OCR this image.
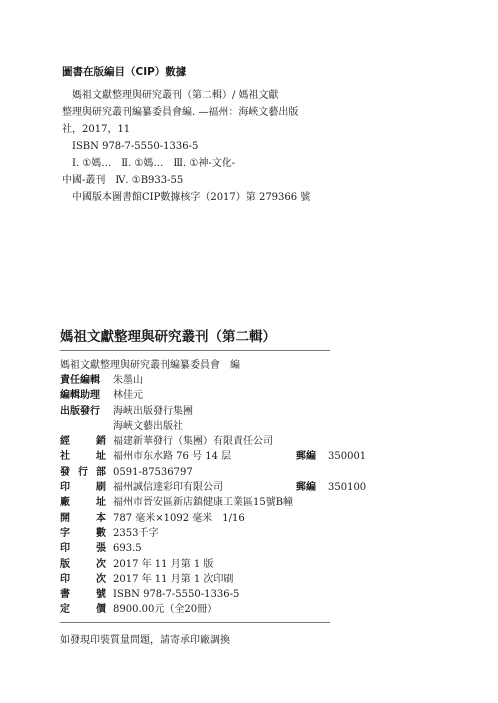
圖書在版編目（CIP）數據
媽祖文獻整理與研究叢刊（第二輯）/ 媽祖文獻
整理與研究叢刊編纂委員會編. —福州：海峽文藝出版
社，2017，11
ISBN 978-7-5550-1336-5
Ⅰ. ①媽…　Ⅱ. ①媽…　Ⅲ. ①神-文化-
中國-叢刊　Ⅳ. ①B933-55
中國版本圖書館CIP數據核字（2017）第 279366 號
媽祖文獻整理與研究叢刊（第二輯）
媽祖文獻整理與研究叢刊編纂委員會　編
責任編輯	朱墨山
編輯助理	林佳元
出版發行	海峽出版發行集團
海峽文藝出版社
經	銷 福建新華發行（集團）有限責任公司
社	址 福州市东水路 76 号 14 层	郵編 350001
發 行 部 0591-87536797
印	刷 福州誠信達彩印有限公司	郵編 350100
廠	址 福州市晉安區新店鎮健康工業區15號B幢
開	本 787 毫米×1092 毫米　1/16
字	數 2353千字
印	張 693.5
版	次 2017 年 11 月第 1 版
印	次 2017 年 11 月第 1 次印刷
書	號 ISBN 978-7-5550-1336-5
定	價 8900.00元（全20冊）
如發現印裝質量問題，請寄承印廠調換
